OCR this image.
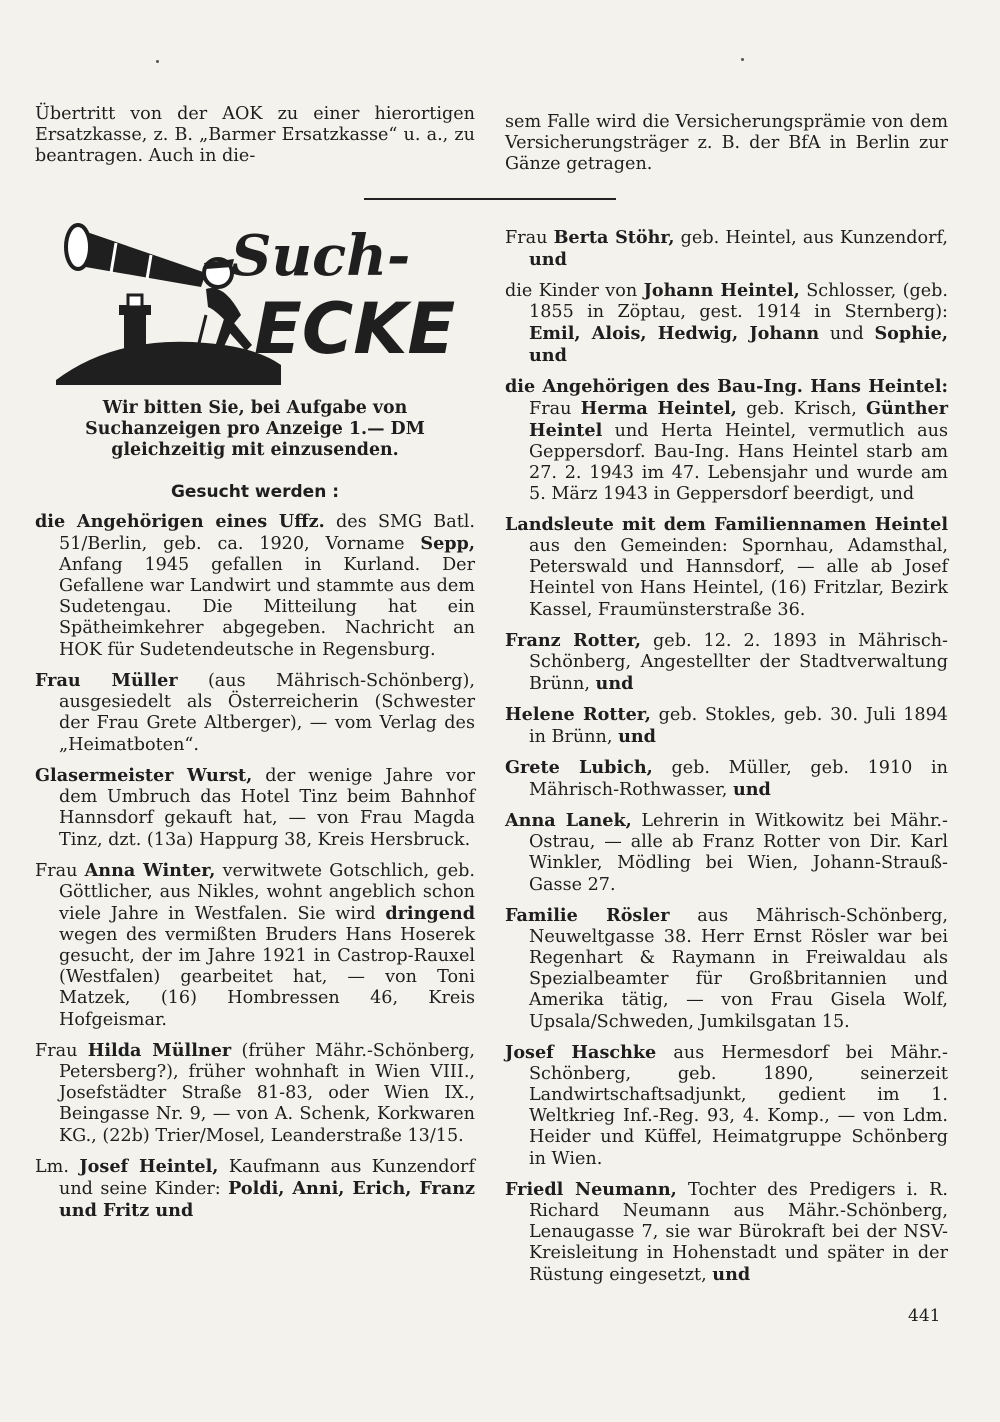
Übertritt von der AOK zu einer hierortigen Ersatzkasse, z. B. „Barmer Ersatzkasse“ u. a., zu beantragen. Auch in die-

sem Falle wird die Versicherungsprämie von dem Versicherungsträger z. B. der BfA in Berlin zur Gänze getragen.

Such-
ECKE
Wir bitten Sie, bei Aufgabe von Suchanzeigen pro Anzeige 1.— DM gleichzeitig mit einzusenden.
Gesucht werden :

die Angehörigen eines Uffz. des SMG Batl. 51/Berlin, geb. ca. 1920, Vorname Sepp, Anfang 1945 gefallen in Kurland. Der Gefallene war Landwirt und stammte aus dem Sudetengau. Die Mitteilung hat ein Spätheimkehrer abgegeben. Nachricht an HOK für Sudetendeutsche in Regensburg.

Frau Müller (aus Mährisch-Schönberg), ausgesiedelt als Österreicherin (Schwester der Frau Grete Altberger), — vom Verlag des „Heimatboten“.

Glasermeister Wurst, der wenige Jahre vor dem Umbruch das Hotel Tinz beim Bahnhof Hannsdorf gekauft hat, — von Frau Magda Tinz, dzt. (13a) Happurg 38, Kreis Hersbruck.

Frau Anna Winter, verwitwete Gotschlich, geb. Göttlicher, aus Nikles, wohnt angeblich schon viele Jahre in Westfalen. Sie wird dringend wegen des vermißten Bruders Hans Hoserek gesucht, der im Jahre 1921 in Castrop-Rauxel (Westfalen) gearbeitet hat, — von Toni Matzek, (16) Hombressen 46, Kreis Hofgeismar.

Frau Hilda Müllner (früher Mähr.-Schönberg, Petersberg?), früher wohnhaft in Wien VIII., Josefstädter Straße 81-83, oder Wien IX., Beingasse Nr. 9, — von A. Schenk, Korkwaren KG., (22b) Trier/Mosel, Leanderstraße 13/15.

Lm. Josef Heintel, Kaufmann aus Kunzendorf und seine Kinder: Poldi, Anni, Erich, Franz und Fritz und

Frau Berta Stöhr, geb. Heintel, aus Kunzendorf, und

die Kinder von Johann Heintel, Schlosser, (geb. 1855 in Zöptau, gest. 1914 in Sternberg): Emil, Alois, Hedwig, Johann und Sophie, und

die Angehörigen des Bau-Ing. Hans Heintel: Frau Herma Heintel, geb. Krisch, Günther Heintel und Herta Heintel, vermutlich aus Geppersdorf. Bau-Ing. Hans Heintel starb am 27. 2. 1943 im 47. Lebensjahr und wurde am 5. März 1943 in Geppersdorf beerdigt, und

Landsleute mit dem Familiennamen Heintel aus den Gemeinden: Spornhau, Adamsthal, Peterswald und Hannsdorf, — alle ab Josef Heintel von Hans Heintel, (16) Fritzlar, Bezirk Kassel, Fraumünsterstraße 36.

Franz Rotter, geb. 12. 2. 1893 in Mährisch-Schönberg, Angestellter der Stadtverwaltung Brünn, und

Helene Rotter, geb. Stokles, geb. 30. Juli 1894 in Brünn, und

Grete Lubich, geb. Müller, geb. 1910 in Mährisch-Rothwasser, und

Anna Lanek, Lehrerin in Witkowitz bei Mähr.-Ostrau, — alle ab Franz Rotter von Dir. Karl Winkler, Mödling bei Wien, Johann-Strauß-Gasse 27.

Familie Rösler aus Mährisch-Schönberg, Neuweltgasse 38. Herr Ernst Rösler war bei Regenhart & Raymann in Freiwaldau als Spezialbeamter für Großbritannien und Amerika tätig, — von Frau Gisela Wolf, Upsala/Schweden, Jumkilsgatan 15.

Josef Haschke aus Hermesdorf bei Mähr.-Schönberg, geb. 1890, seinerzeit Landwirtschaftsadjunkt, gedient im 1. Weltkrieg Inf.-Reg. 93, 4. Komp., — von Ldm. Heider und Küffel, Heimatgruppe Schönberg in Wien.

Friedl Neumann, Tochter des Predigers i. R. Richard Neumann aus Mähr.-Schönberg, Lenaugasse 7, sie war Bürokraft bei der NSV-Kreisleitung in Hohenstadt und später in der Rüstung eingesetzt, und

441
